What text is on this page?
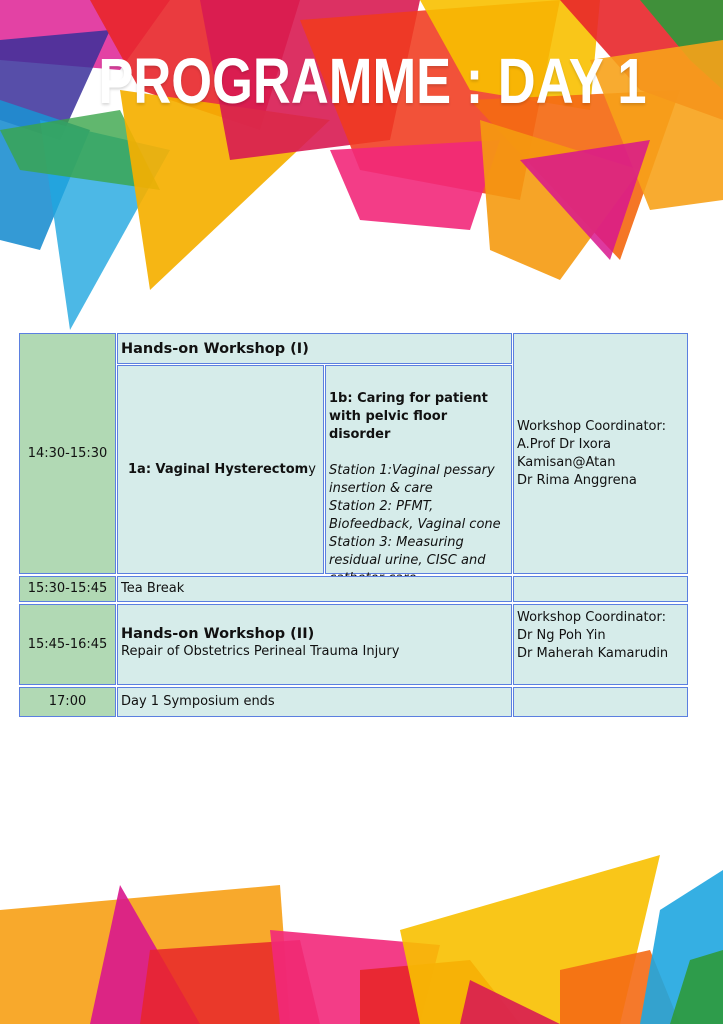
PROGRAMME : DAY 1
14:30-15:30
Hands-on Workshop (I)
1a: Vaginal Hysterectomy
1b: Caring for patient with pelvic floor disorder
Station 1:Vaginal pessary insertion & care
Station 2: PFMT, Biofeedback, Vaginal cone
Station 3: Measuring residual urine, CISC and
Workshop Coordinator:
A.Prof Dr Ixora Kamisan@Atan
Dr Rima Anggrena
15:30-15:45 Tea Break
15:45-16:45
Hands-on Workshop (II)
Repair of Obstetrics Perineal Trauma Injury
Workshop Coordinator:
Dr Ng Poh Yin
Dr Maherah Kamarudin
17:00	Day 1 Symposium ends
